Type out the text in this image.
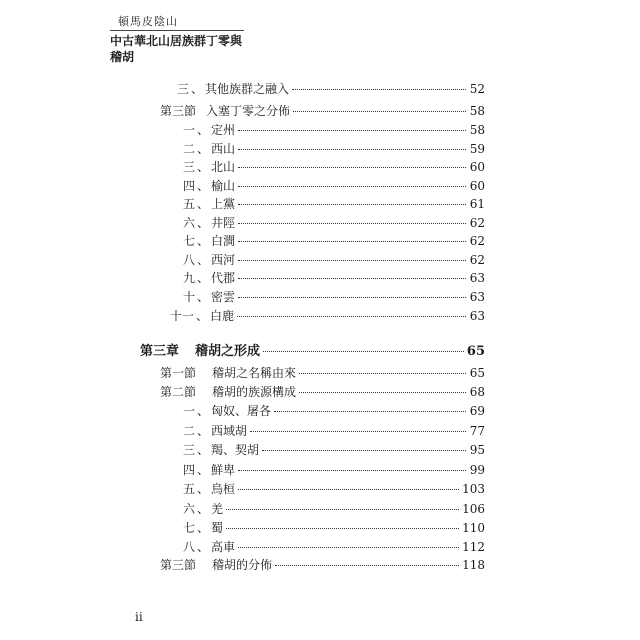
頓馬皮陰山
中古華北山居族群丁零與稽胡
三 、 其他族群之融入	52
第三節 入塞丁零之分佈	58
一 、 定州	58
二 、 西山	59
三 、 北山	60
四 、 榆山	60
五 、 上黨	61
六 、 井陘	62
七 、 白澗	62
八 、 西河	62
九 、 代郡	63
十 、 密雲	63
十一 、 白鹿	63
第三章 稽胡之形成	65
第一節 稽胡之名稱由來	65
第二節 稽胡的族源構成	68
一 、 匈奴、屠各	69
二 、 西域胡	77
三 、 羯、契胡	95
四 、 鮮卑	99
五 、 烏桓	103
六 、 羌	106
七 、 蜀	110
八 、 高車	112
第三節 稽胡的分佈	118
ii
